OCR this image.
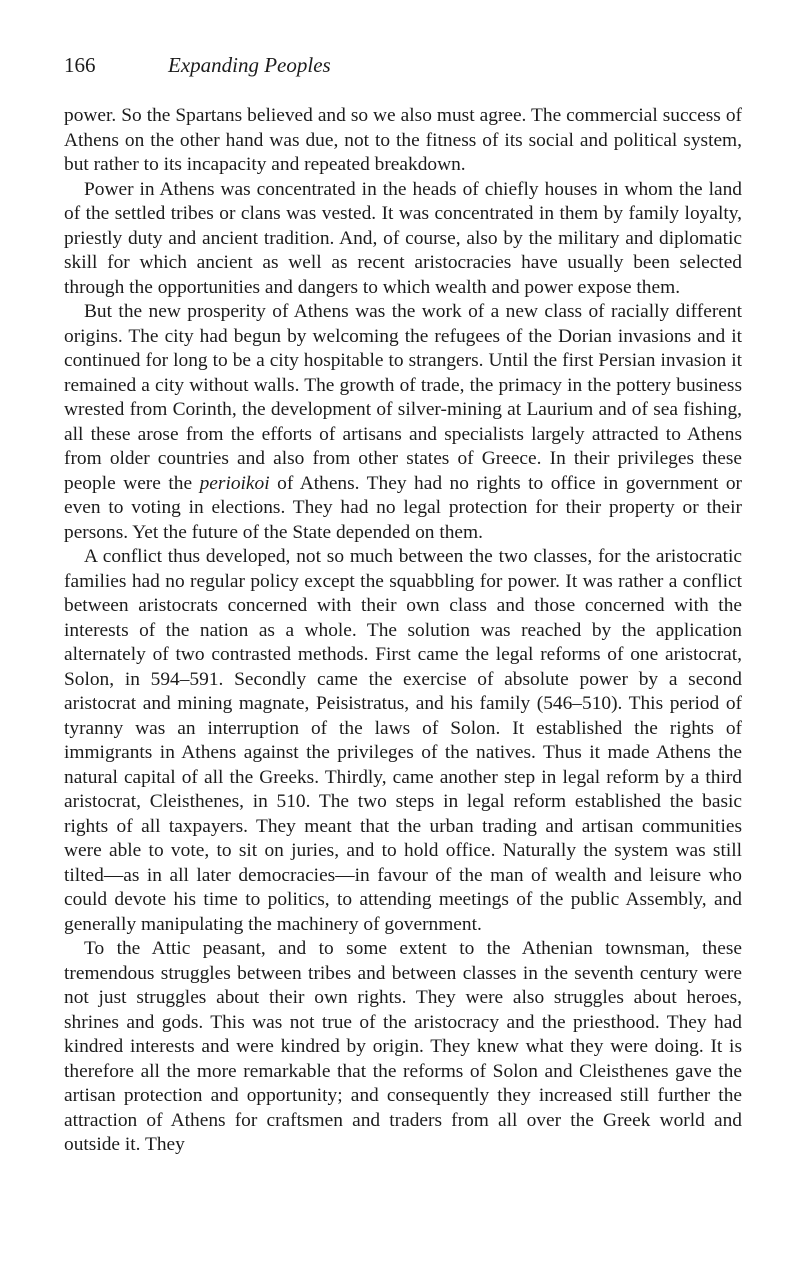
166	Expanding Peoples

power. So the Spartans believed and so we also must agree. The commercial success of Athens on the other hand was due, not to the fitness of its social and political system, but rather to its incapacity and repeated breakdown.

Power in Athens was concentrated in the heads of chiefly houses in whom the land of the settled tribes or clans was vested. It was concentrated in them by family loyalty, priestly duty and ancient tradition. And, of course, also by the military and diplomatic skill for which ancient as well as recent aristocracies have usually been selected through the opportunities and dangers to which wealth and power expose them.

But the new prosperity of Athens was the work of a new class of racially different origins. The city had begun by welcoming the refugees of the Dorian invasions and it continued for long to be a city hospitable to strangers. Until the first Persian invasion it remained a city without walls. The growth of trade, the primacy in the pottery business wrested from Corinth, the development of silver-mining at Laurium and of sea fishing, all these arose from the efforts of artisans and specialists largely attracted to Athens from older countries and also from other states of Greece. In their privileges these people were the perioikoi of Athens. They had no rights to office in government or even to voting in elections. They had no legal protection for their property or their persons. Yet the future of the State depended on them.

A conflict thus developed, not so much between the two classes, for the aristocratic families had no regular policy except the squabbling for power. It was rather a conflict between aristocrats concerned with their own class and those concerned with the interests of the nation as a whole. The solution was reached by the application alternately of two contrasted methods. First came the legal reforms of one aristocrat, Solon, in 594–591. Secondly came the exercise of absolute power by a second aristocrat and mining magnate, Peisistratus, and his family (546–510). This period of tyranny was an interruption of the laws of Solon. It established the rights of immigrants in Athens against the privileges of the natives. Thus it made Athens the natural capital of all the Greeks. Thirdly, came another step in legal reform by a third aristocrat, Cleisthenes, in 510. The two steps in legal reform established the basic rights of all taxpayers. They meant that the urban trading and artisan communities were able to vote, to sit on juries, and to hold office. Naturally the system was still tilted—as in all later democracies—in favour of the man of wealth and leisure who could devote his time to politics, to attending meetings of the public Assembly, and generally manipulating the machinery of government.

To the Attic peasant, and to some extent to the Athenian townsman, these tremendous struggles between tribes and between classes in the seventh century were not just struggles about their own rights. They were also struggles about heroes, shrines and gods. This was not true of the aristocracy and the priesthood. They had kindred interests and were kindred by origin. They knew what they were doing. It is therefore all the more remarkable that the reforms of Solon and Cleisthenes gave the artisan protection and opportunity; and consequently they increased still further the attraction of Athens for craftsmen and traders from all over the Greek world and outside it. They
